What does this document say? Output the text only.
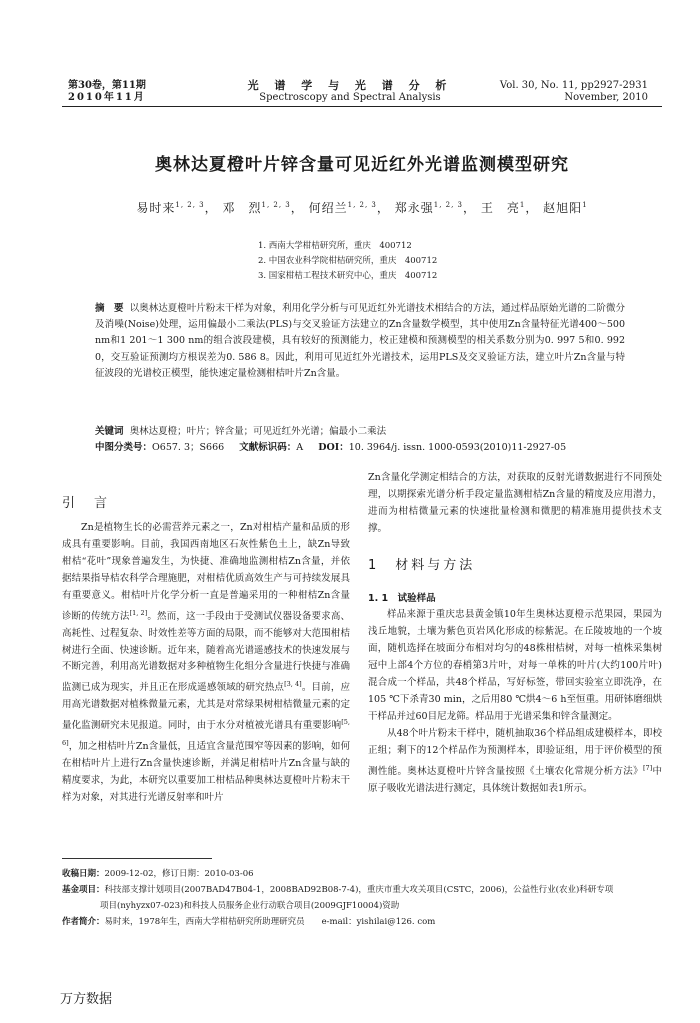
第30卷，第11期
2010年11月
光 谱 学 与 光 谱 分 析
Spectroscopy and Spectral Analysis
Vol. 30, No. 11, pp2927-2931
November, 2010
奥林达夏橙叶片锌含量可见近红外光谱监测模型研究
易时来$^{1, 2, 3}$， 邓　烈$^{1, 2, 3}$， 何绍兰$^{1, 2, 3}$， 郑永强$^{1, 2, 3}$， 王　亮$^1$， 赵旭阳$^1$
1. 西南大学柑桔研究所，重庆　400712
2. 中国农业科学院柑桔研究所，重庆　400712
3. 国家柑桔工程技术研究中心，重庆　400712
摘　要 以奥林达夏橙叶片粉末干样为对象，利用化学分析与可见近红外光谱技术相结合的方法，通过样品原始光谱的二阶微分及消噪(Noise)处理，运用偏最小二乘法(PLS)与交叉验证方法建立的Zn含量数学模型，其中使用Zn含量特征光谱400～500 nm和1 201～1 300 nm的组合波段建模，具有较好的预测能力，校正建模和预测模型的相关系数分别为0. 997 5和0. 992 0，交互验证预测均方根误差为0. 586 8。因此，利用可见近红外光谱技术，运用PLS及交叉验证方法，建立叶片Zn含量与特征波段的光谱校正模型，能快速定量检测柑桔叶片Zn含量。
关键词 奥林达夏橙；叶片；锌含量；可见近红外光谱；偏最小二乘法
中图分类号：O657. 3；S666 文献标识码：A DOI：10. 3964/j. issn. 1000-0593(2010)11-2927-05
引　言

Zn是植物生长的必需营养元素之一，Zn对柑桔产量和品质的形成具有重要影响。目前，我国西南地区石灰性紫色土上，缺Zn导致柑桔“花叶”现象普遍发生，为快捷、准确地监测柑桔Zn含量，并依据结果指导桔农科学合理施肥，对柑桔优质高效生产与可持续发展具有重要意义。柑桔叶片化学分析一直是普遍采用的一种柑桔Zn含量诊断的传统方法[1, 2]。然而，这一手段由于受测试仪器设备要求高、高耗性、过程复杂、时效性差等方面的局限，而不能够对大范围柑桔树进行全面、快速诊断。近年来，随着高光谱遥感技术的快速发展与不断完善，利用高光谱数据对多种植物生化组分含量进行快捷与准确监测已成为现实，并且正在形成遥感领域的研究热点[3, 4]。目前，应用高光谱数据对植株微量元素，尤其是对常绿果树柑桔微量元素的定量化监测研究未见报道。同时，由于水分对植被光谱具有重要影响[5, 6]，加之柑桔叶片Zn含量低，且适宜含量范围窄等因素的影响，如何在柑桔叶片上进行Zn含量快速诊断，并满足柑桔叶片Zn含量与缺的精度要求，为此，本研究以重要加工柑桔品种奥林达夏橙叶片粉末干样为对象，对其进行光谱反射率和叶片

Zn含量化学测定相结合的方法，对获取的反射光谱数据进行不同预处理，以期探索光谱分析手段定量监测柑桔Zn含量的精度及应用潜力，进而为柑桔微量元素的快速批量检测和微肥的精准施用提供技术支撑。

1　材料与方法
1. 1　试验样品

样品来源于重庆忠县黄金镇10年生奥林达夏橙示范果园，果园为浅丘地貌，土壤为紫色页岩风化形成的棕紫泥。在丘陵坡地的一个坡面，随机选择在坡面分布相对均匀的48株柑桔树，对每一植株采集树冠中上部4个方位的春梢第3片叶，对每一单株的叶片(大约100片叶)混合成一个样品，共48个样品，写好标签，带回实验室立即洗净，在105 ℃下杀青30 min，之后用80 ℃烘4～6 h至恒重。用研钵磨细烘干样品并过60目尼龙筛。样品用于光谱采集和锌含量测定。

从48个叶片粉末干样中，随机抽取36个样品组成建模样本，即校正组；剩下的12个样品作为预测样本，即验证组，用于评价模型的预测性能。奥林达夏橙叶片锌含量按照《土壤农化常规分析方法》[7]中原子吸收光谱法进行测定，具体统计数据如表1所示。

收稿日期：2009-12-02，修订日期：2010-03-06
基金项目：科技部支撑计划项目(2007BAD47B04-1，2008BAD92B08-7-4)，重庆市重大攻关项目(CSTC，2006)，公益性行业(农业)科研专项
项目(nyhyzx07-023)和科技人员服务企业行动联合项目(2009GJF10004)资助
作者简介：易时来，1978年生，西南大学柑桔研究所助理研究员　　e-mail：yishilai@126. com
万方数据
